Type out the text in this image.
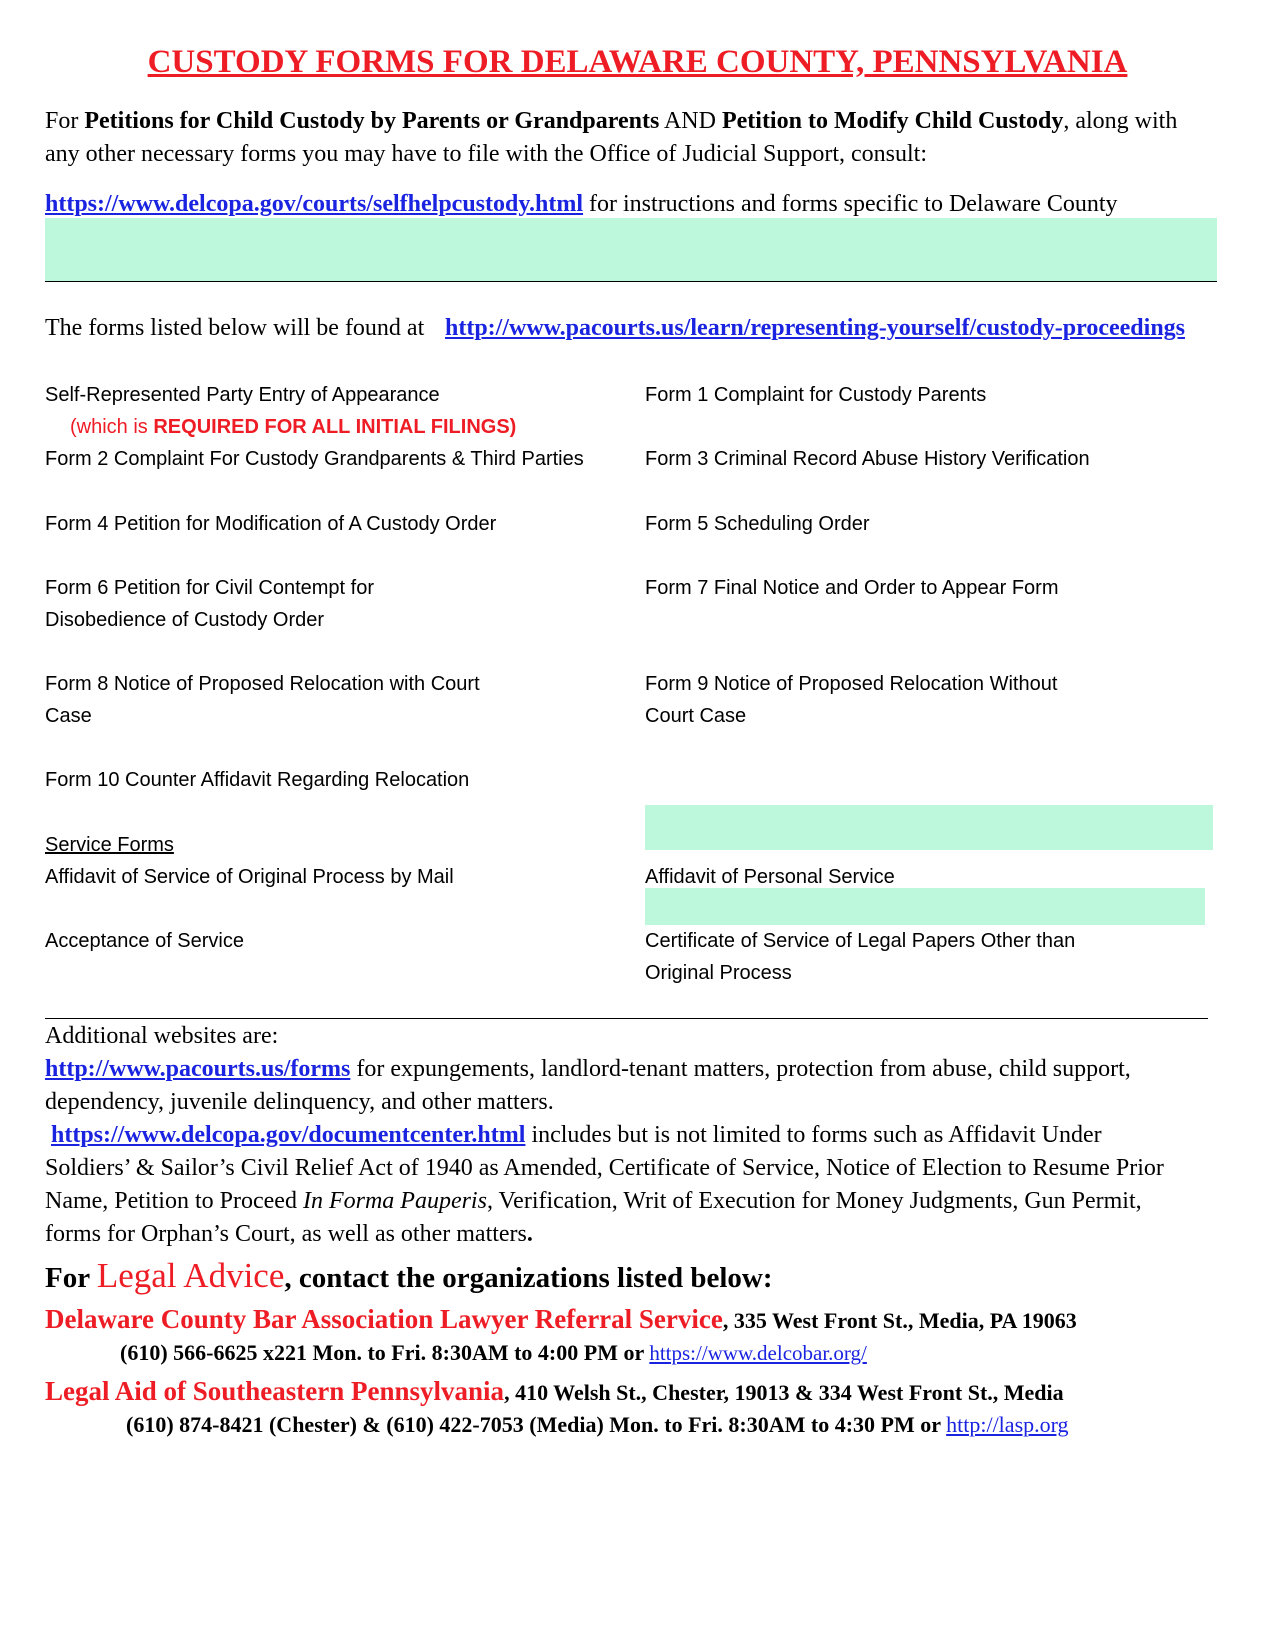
CUSTODY FORMS FOR DELAWARE COUNTY, PENNSYLVANIA
For Petitions for Child Custody by Parents or Grandparents AND Petition to Modify Child Custody, along with
any other necessary forms you may have to file with the Office of Judicial Support, consult:
https://www.delcopa.gov/courts/selfhelpcustody.html for instructions and forms specific to Delaware County
The forms listed below will be found at http://www.pacourts.us/learn/representing-yourself/custody-proceedings
Self-Represented Party Entry of Appearance
(which is REQUIRED FOR ALL INITIAL FILINGS)
Form 2 Complaint For Custody Grandparents & Third Parties
Form 4 Petition for Modification of A Custody Order
Form 6 Petition for Civil Contempt for
Disobedience of Custody Order
Form 8 Notice of Proposed Relocation with Court
Case
Form 10 Counter Affidavit Regarding Relocation
Service Forms
Affidavit of Service of Original Process by Mail
Acceptance of Service
Form 1 Complaint for Custody Parents
Form 3 Criminal Record Abuse History Verification
Form 5 Scheduling Order
Form 7 Final Notice and Order to Appear Form
Form 9 Notice of Proposed Relocation Without
Court Case
Affidavit of Personal Service
Certificate of Service of Legal Papers Other than
Original Process
Additional websites are:
http://www.pacourts.us/forms for expungements, landlord-tenant matters, protection from abuse, child support,
dependency, juvenile delinquency, and other matters.
https://www.delcopa.gov/documentcenter.html includes but is not limited to forms such as Affidavit Under
Soldiers’ & Sailor’s Civil Relief Act of 1940 as Amended, Certificate of Service, Notice of Election to Resume Prior
Name, Petition to Proceed In Forma Pauperis, Verification, Writ of Execution for Money Judgments, Gun Permit,
forms for Orphan’s Court, as well as other matters.
For Legal Advice, contact the organizations listed below:
Delaware County Bar Association Lawyer Referral Service, 335 West Front St., Media, PA 19063
(610) 566-6625 x221 Mon. to Fri. 8:30AM to 4:00 PM or https://www.delcobar.org/
Legal Aid of Southeastern Pennsylvania, 410 Welsh St., Chester, 19013 & 334 West Front St., Media
(610) 874-8421 (Chester) & (610) 422-7053 (Media) Mon. to Fri. 8:30AM to 4:30 PM or http://lasp.org
